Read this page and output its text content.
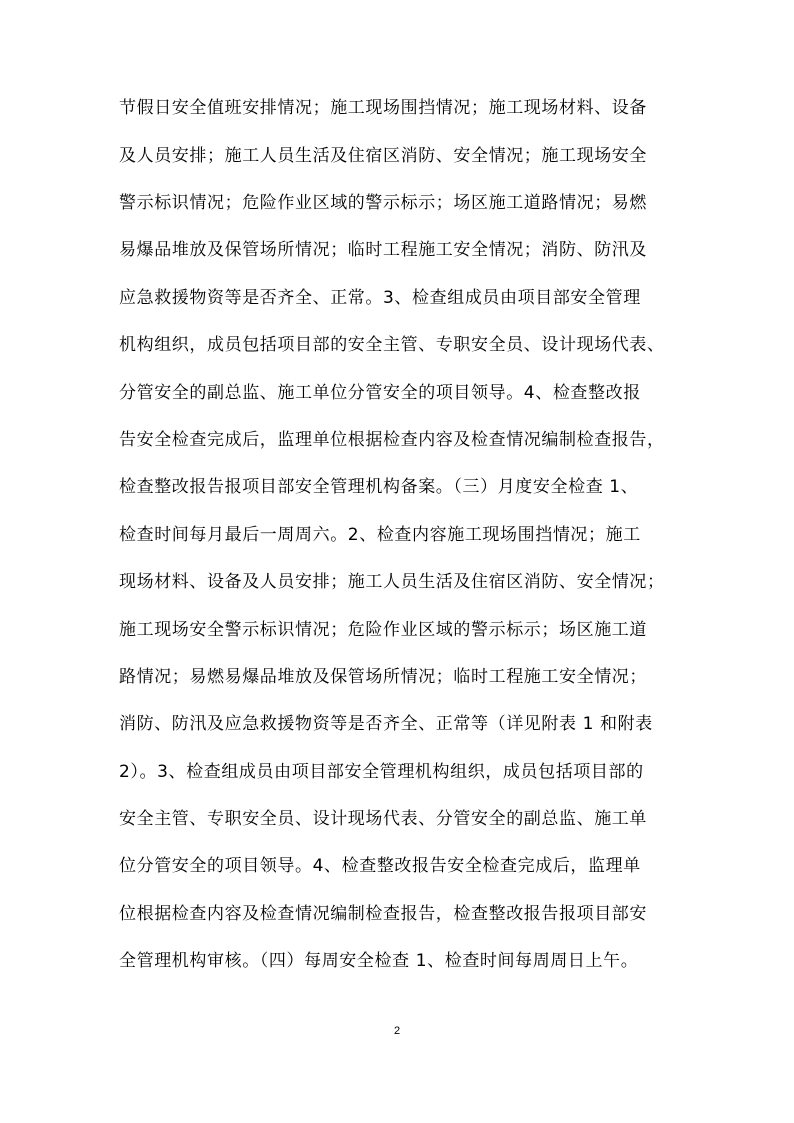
节假日安全值班安排情况；施工现场围挡情况；施工现场材料、设备
及人员安排；施工人员生活及住宿区消防、安全情况；施工现场安全
警示标识情况；危险作业区域的警示标示；场区施工道路情况；易燃
易爆品堆放及保管场所情况；临时工程施工安全情况；消防、防汛及
应急救援物资等是否齐全、正常。3、检查组成员由项目部安全管理
机构组织，成员包括项目部的安全主管、专职安全员、设计现场代表、
分管安全的副总监、施工单位分管安全的项目领导。4、检查整改报
告安全检查完成后，监理单位根据检查内容及检查情况编制检查报告，
检查整改报告报项目部安全管理机构备案。（三）月度安全检查 1、
检查时间每月最后一周周六。2、检查内容施工现场围挡情况；施工
现场材料、设备及人员安排；施工人员生活及住宿区消防、安全情况；
施工现场安全警示标识情况；危险作业区域的警示标示；场区施工道
路情况；易燃易爆品堆放及保管场所情况；临时工程施工安全情况；
消防、防汛及应急救援物资等是否齐全、正常等（详见附表 1 和附表
2）。3、检查组成员由项目部安全管理机构组织，成员包括项目部的
安全主管、专职安全员、设计现场代表、分管安全的副总监、施工单
位分管安全的项目领导。4、检查整改报告安全检查完成后，监理单
位根据检查内容及检查情况编制检查报告，检查整改报告报项目部安
全管理机构审核。（四）每周安全检查 1、检查时间每周周日上午。
2
